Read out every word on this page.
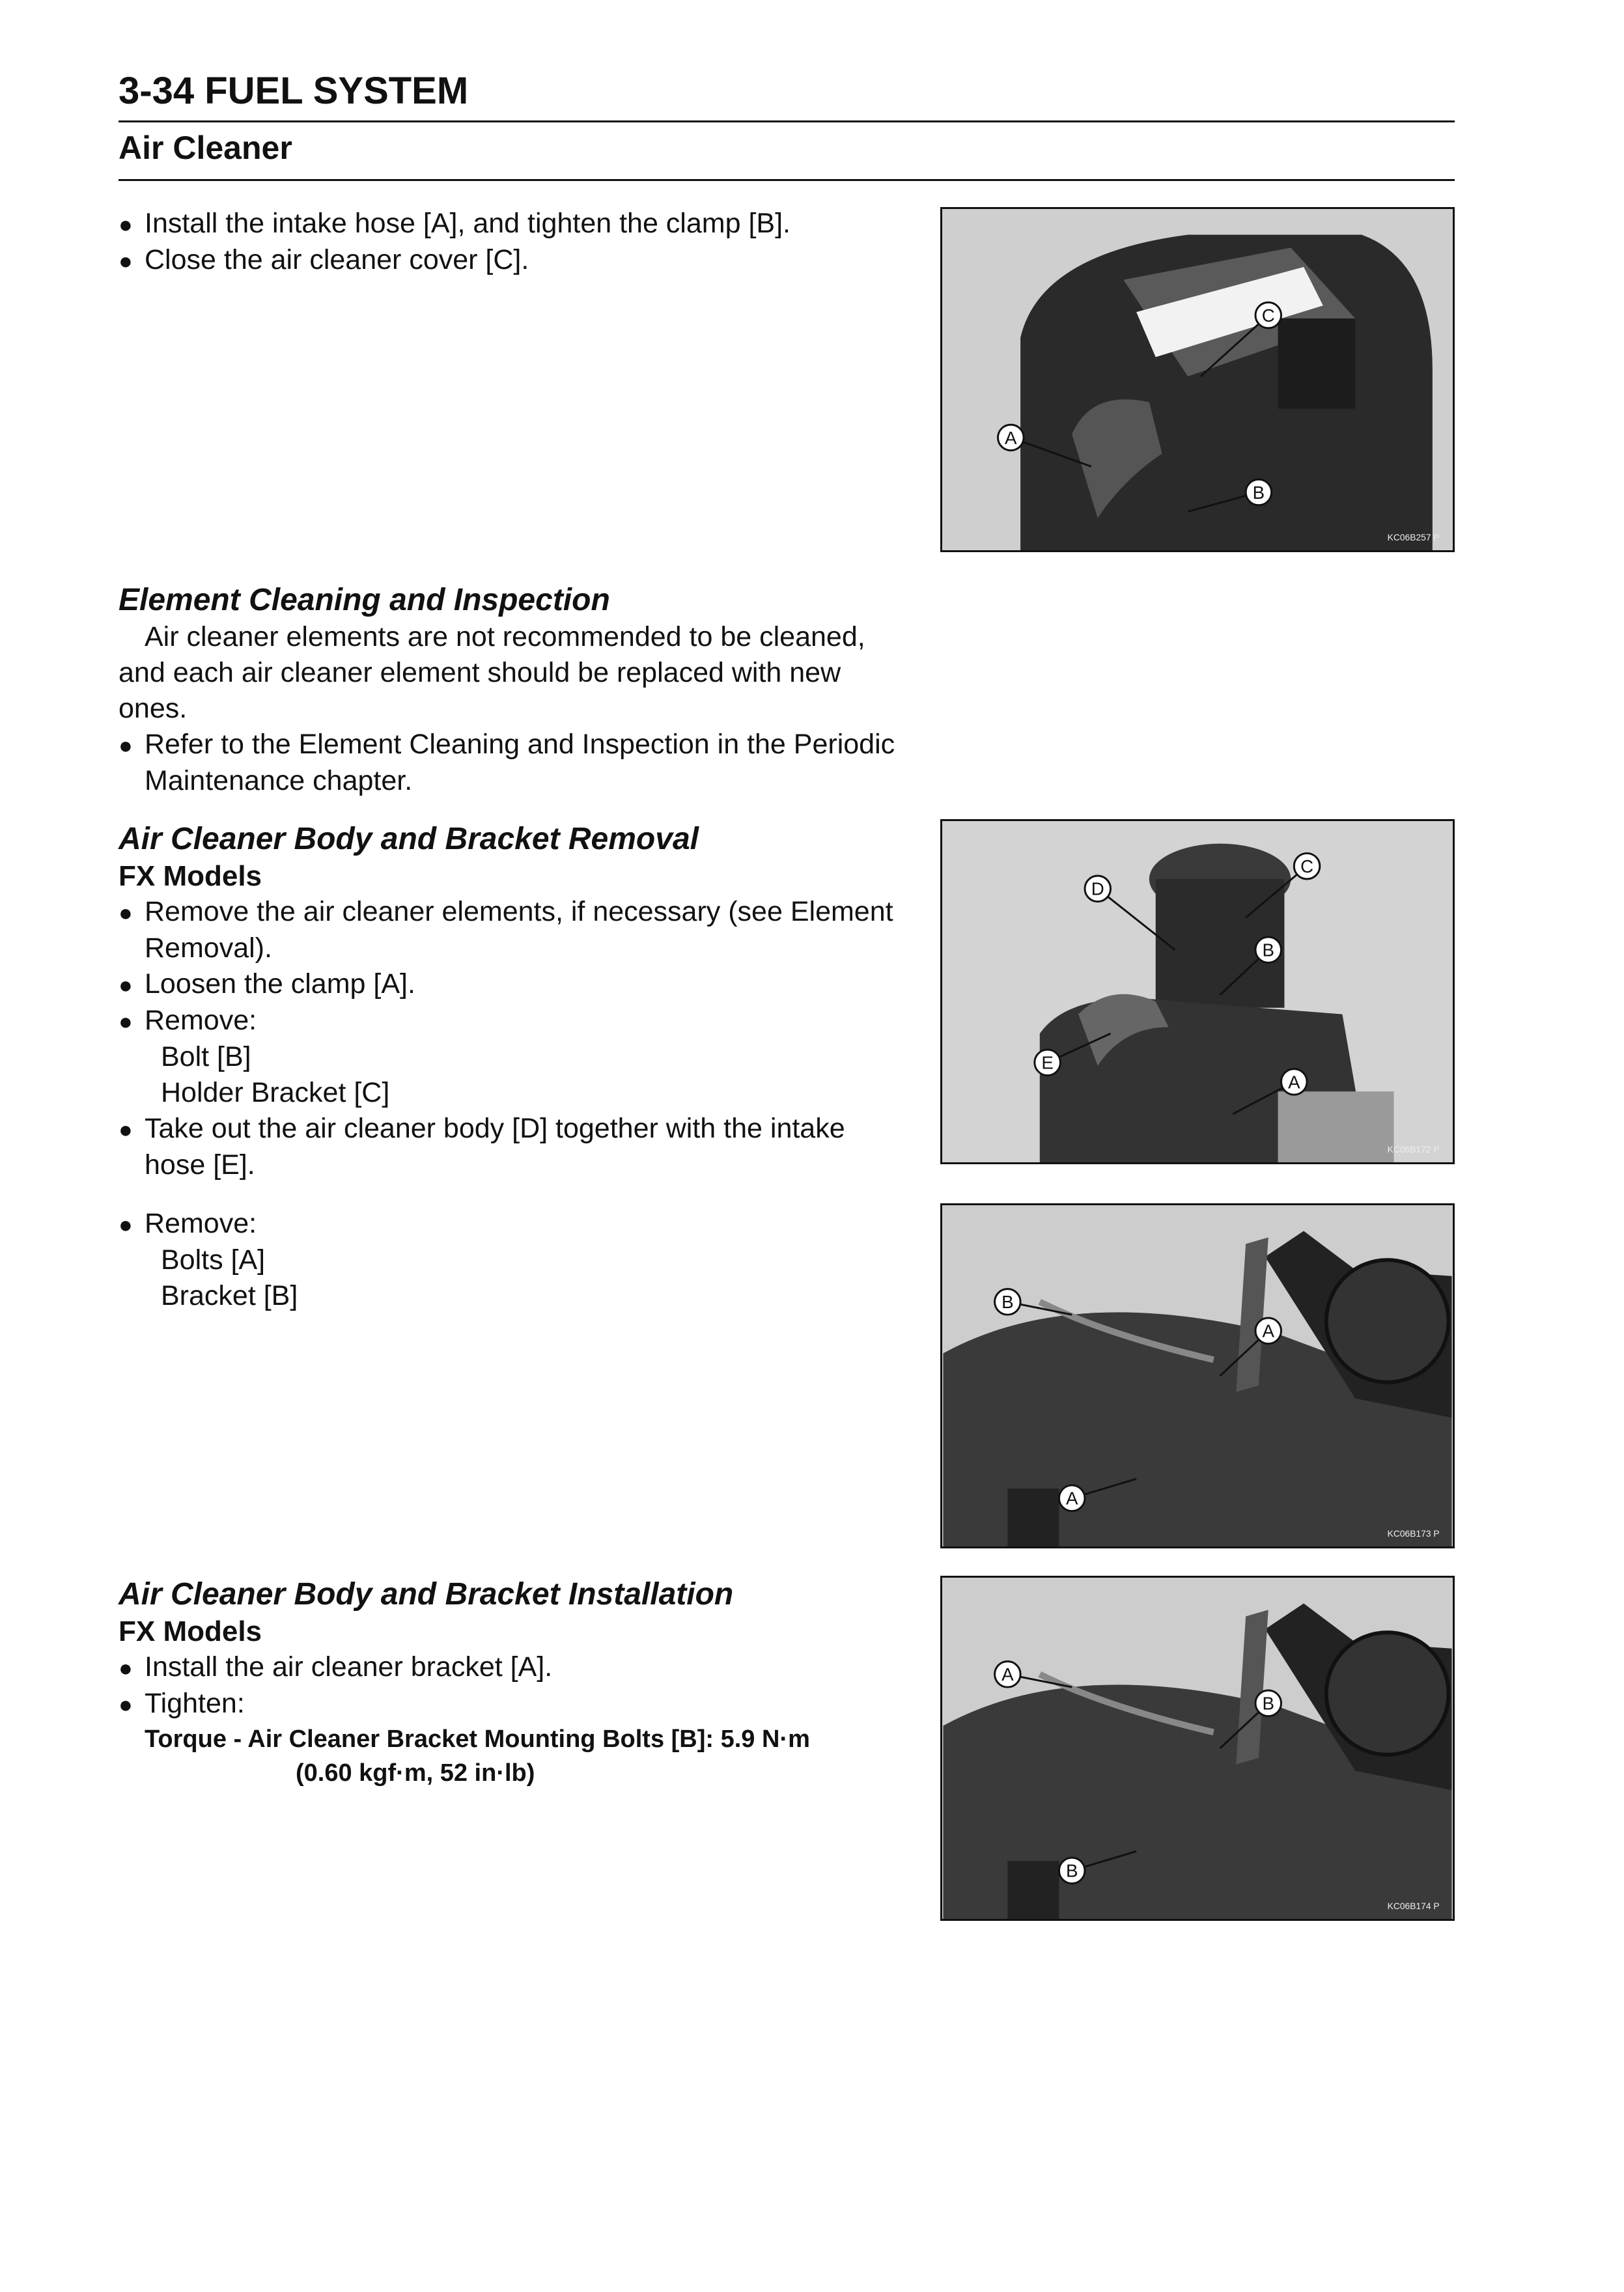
3-34 FUEL SYSTEM
Air Cleaner

● Install the intake hose [A], and tighten the clamp [B].

● Close the air cleaner cover [C].

Element Cleaning and Inspection

Air cleaner elements are not recommended to be cleaned, and each air cleaner element should be replaced with new ones.

● Refer to the Element Cleaning and Inspection in the Periodic Maintenance chapter.

Air Cleaner Body and Bracket Removal

FX Models

● Remove the air cleaner elements, if necessary (see Element Removal).

● Loosen the clamp [A].

● Remove:

Bolt [B]

Holder Bracket [C]

● Take out the air cleaner body [D] together with the intake hose [E].

● Remove:

Bolts [A]

Bracket [B]

Air Cleaner Body and Bracket Installation

FX Models

● Install the air cleaner bracket [A].

● Tighten:

Torque - Air Cleaner Bracket Mounting Bolts [B]: 5.9 N·m
(0.60 kgf·m, 52 in·lb)

A
B
C
KC06B257 P
D
C
B
E
A
KC06B172 P
B
A
A
KC06B173 P
A
B
B
KC06B174 P
